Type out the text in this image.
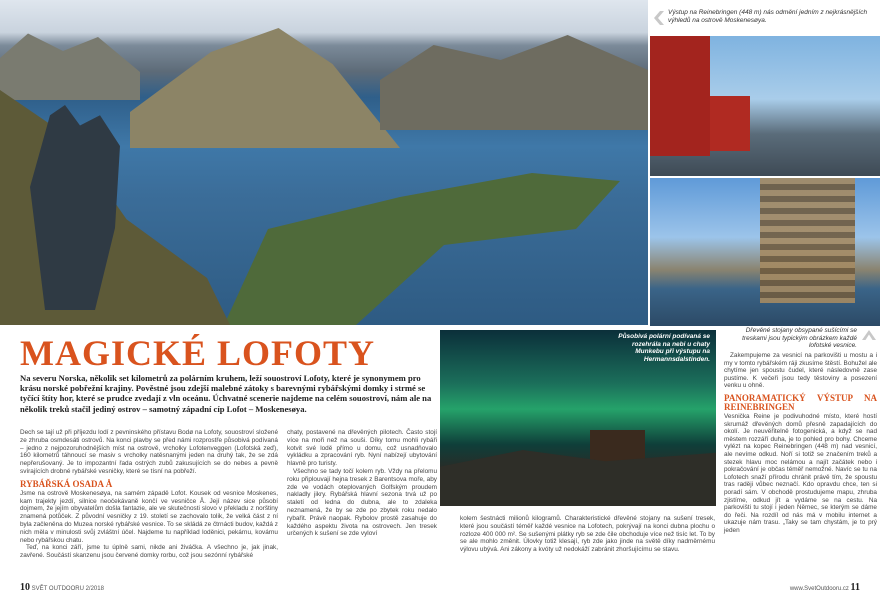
Výstup na Reinebringen (448 m) nás odmění jedním z nejkrásnějších výhledů na ostrově Moskenesøya.
MAGICKÉ LOFOTY
Na severu Norska, několik set kilometrů za polárním kruhem, leží souostroví Lofoty, které je synonymem pro krásu norské pobřežní krajiny. Pověstné jsou zdejší malebné zátoky s barevnými rybářskými domky i strmé se tyčící štíty hor, které se prudce zvedají z vln oceánu. Úchvatné scenerie najdeme na celém souostroví, nám ale na několik treků stačil jediný ostrov – samotný západní cíp Lofot – Moskenesøya.

Dech se tají už při příjezdu lodí z pevninského přístavu Bodø na Lofoty, souostroví složené ze zhruba osmdesáti ostrovů. Na konci plavby se před námi rozprostře působivá podívaná – jedno z nejpozoruhodnějších míst na ostrově, vrcholky Lofotenveggen (Lofotská zeď), 160 kilometrů táhnoucí se masiv s vrcholky natěsnanými jeden na druhý tak, že se zdá nepřerušovaný. Je to impozantní řada ostrých zubů zakusujících se do nebes a pevně svírajících drobné rybářské vesničky, které se tísní na pobřeží.

RYBÁŘSKÁ OSADA Å

Jsme na ostrově Moskenesøya, na samém západě Lofot. Kousek od vesnice Moskenes, kam trajekty jezdí, silnice neočekávaně končí ve vesničce Å. Její název sice působí dojmem, že jejím obyvatelům došla fantazie, ale ve skutečnosti slovo v překladu z norštiny znamená potůček. Z původní vesničky z 19. století se zachovalo tolik, že velká část z ní byla začleněna do Muzea norské rybářské vesnice. To se skládá ze čtrnácti budov, každá z nich měla v minulosti svůj zvláštní účel. Najdeme tu například loděnici, pekárnu, kovárnu nebo rybářskou chatu.

Teď, na konci září, jsme tu úplně sami, nikde ani živáčka. A všechno je, jak jinak, zavřené. Součástí skanzenu jsou červené domky rorbu, což jsou sezónní rybářské

chaty, postavené na dřevěných pilotech. Často stojí více na moři než na souši. Díky tomu mohli rybáři kotvit své lodě přímo u domu, což usnadňovalo vykládku a zpracování ryb. Nyní nabízejí ubytování hlavně pro turisty.

Všechno se tady točí kolem ryb. Vždy na přelomu roku připlouvají hejna tresek z Barentsova moře, aby zde ve vodách oteplovaných Golfským proudem nakladly jikry. Rybářská hlavní sezona trvá už po staletí od ledna do dubna, ale to zdaleka neznamená, že by se zde po zbytek roku nedalo rybařit. Právě naopak. Rybolov prostě zasahuje do každého aspektu života na ostrovech. Jen tresek určených k sušení se zde vyloví

Působivá polární podívaná se rozehrála na nebi u chaty Munkebu při výstupu na Hermannsdalstinden.

kolem šestnácti milionů kilogramů. Charakteristické dřevěné stojany na sušení tresek, které jsou součástí téměř každé vesnice na Lofotech, pokrývají na konci dubna plochu o rozloze 400 000 m². Se sušenými plátky ryb se zde čile obchoduje více než tisíc let. To by se ale mohlo změnit. Úlovky totiž klesají, ryb zde jako jinde na světě díky nadměrnému výlovu ubývá. Ani zákony a kvóty už nedokáží zabránit zhoršujícímu se stavu.

Dřevěné stojany obsypané sušícími se treskami jsou typickým obrázkem každé lofotské vesnice.

Zakempujeme za vesnicí na parkovišti u mostu a i my v tomto rybářském ráji zkusíme štěstí. Bohužel ale chytíme jen spoustu čudel, které následovně zase pustíme. K večeři jsou tedy těstoviny a posezení venku u ohně.

PANORAMATICKÝ VÝSTUP NA REINEBRINGEN

Vesnička Reine je podivuhodné místo, které hostí skrumáž dřevěných domů přesně zapadajících do okolí. Je neuvěřitelně fotogenická, a když se nad městem rozzáří duha, je to pohled pro bohy. Chceme vylézt na kopec Reinebringen (448 m) nad vesnicí, ale nevíme odkud. Noří si totiž se značením treků a stezek hlavu moc nelámou a najít začátek nebo i pokračování je občas téměř nemožné. Navíc se tu na Lofotech snaží přírodu chránit právě tím, že spoustu tras raději vůbec neznačí. Kdo opravdu chce, ten si poradí sám. V obchodě prostudujeme mapu, zhruba zjistíme, odkud jít a vydáme se na cestu. Na parkovišti tu stojí i jeden Němec, se kterým se dáme do řeči. Na rozdíl od nás má v mobilu internet a ukazuje nám trasu. „Taky se tam chystám, je to prý jeden

10 SVĚT OUTDOORU 2/2018	www.SvetOutdooru.cz 11
